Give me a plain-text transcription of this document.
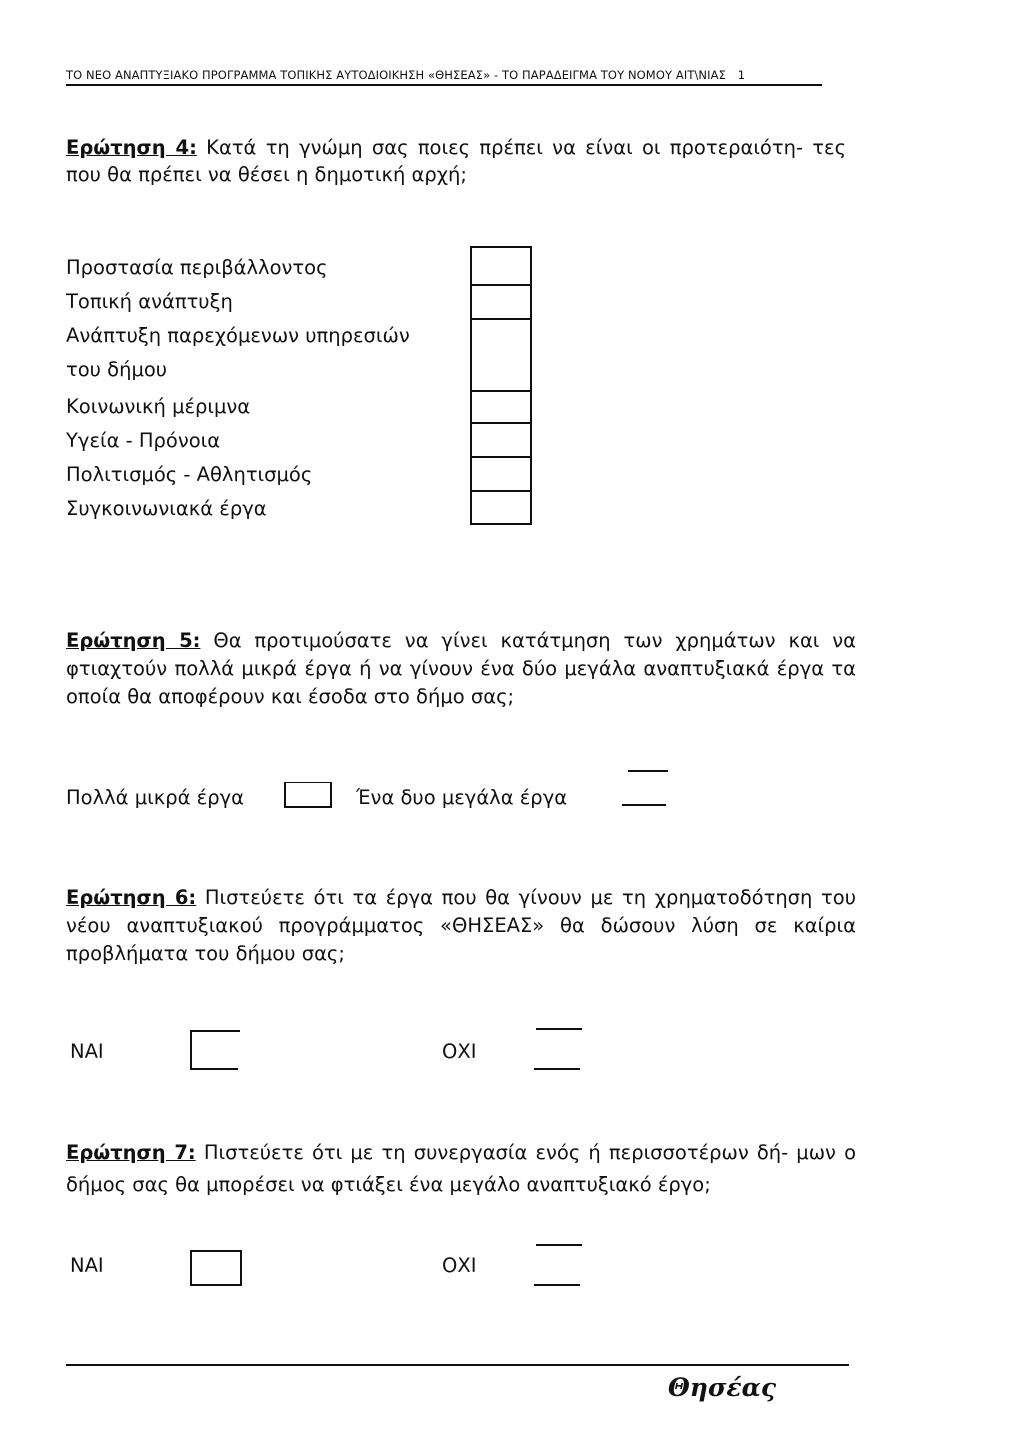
ΤΟ ΝΕΟ ΑΝΑΠΤΥΞΙΑΚΟ ΠΡΟΓΡΑΜΜΑ ΤΟΠΙΚΗΣ ΑΥΤΟΔΙΟΙΚΗΣΗ «ΘΗΣΕΑΣ» - ΤΟ ΠΑΡΑΔΕΙΓΜΑ ΤΟΥ ΝΟΜΟΥ ΑΙΤ\ΝΙΑΣ 1
Ερώτηση 4: Κατά τη γνώμη σας ποιες πρέπει να είναι οι προτεραιότη- τες που θα πρέπει να θέσει η δημοτική αρχή;
Προστασία περιβάλλοντος
Τοπική ανάπτυξη
Ανάπτυξη παρεχόμενων υπηρεσιών
του δήμου
Κοινωνική μέριμνα
Υγεία - Πρόνοια
Πολιτισμός - Αθλητισμός
Συγκοινωνιακά έργα
Ερώτηση 5: Θα προτιμούσατε να γίνει κατάτμηση των χρημάτων και να φτιαχτούν πολλά μικρά έργα ή να γίνουν ένα δύο μεγάλα αναπτυξιακά έργα τα οποία θα αποφέρουν και έσοδα στο δήμο σας;
Πολλά μικρά έργα	Ένα δυο μεγάλα έργα
Ερώτηση 6: Πιστεύετε ότι τα έργα που θα γίνουν με τη χρηματοδότηση του νέου αναπτυξιακού προγράμματος «ΘΗΣΕΑΣ» θα δώσουν λύση σε καίρια προβλήματα του δήμου σας;
ΝΑΙ	ΟΧΙ
Ερώτηση 7: Πιστεύετε ότι με τη συνεργασία ενός ή περισσοτέρων δή- μων ο δήμος σας θα μπορέσει να φτιάξει ένα μεγάλο αναπτυξιακό έργο;
ΝΑΙ	ΟΧΙ
Θησέας
